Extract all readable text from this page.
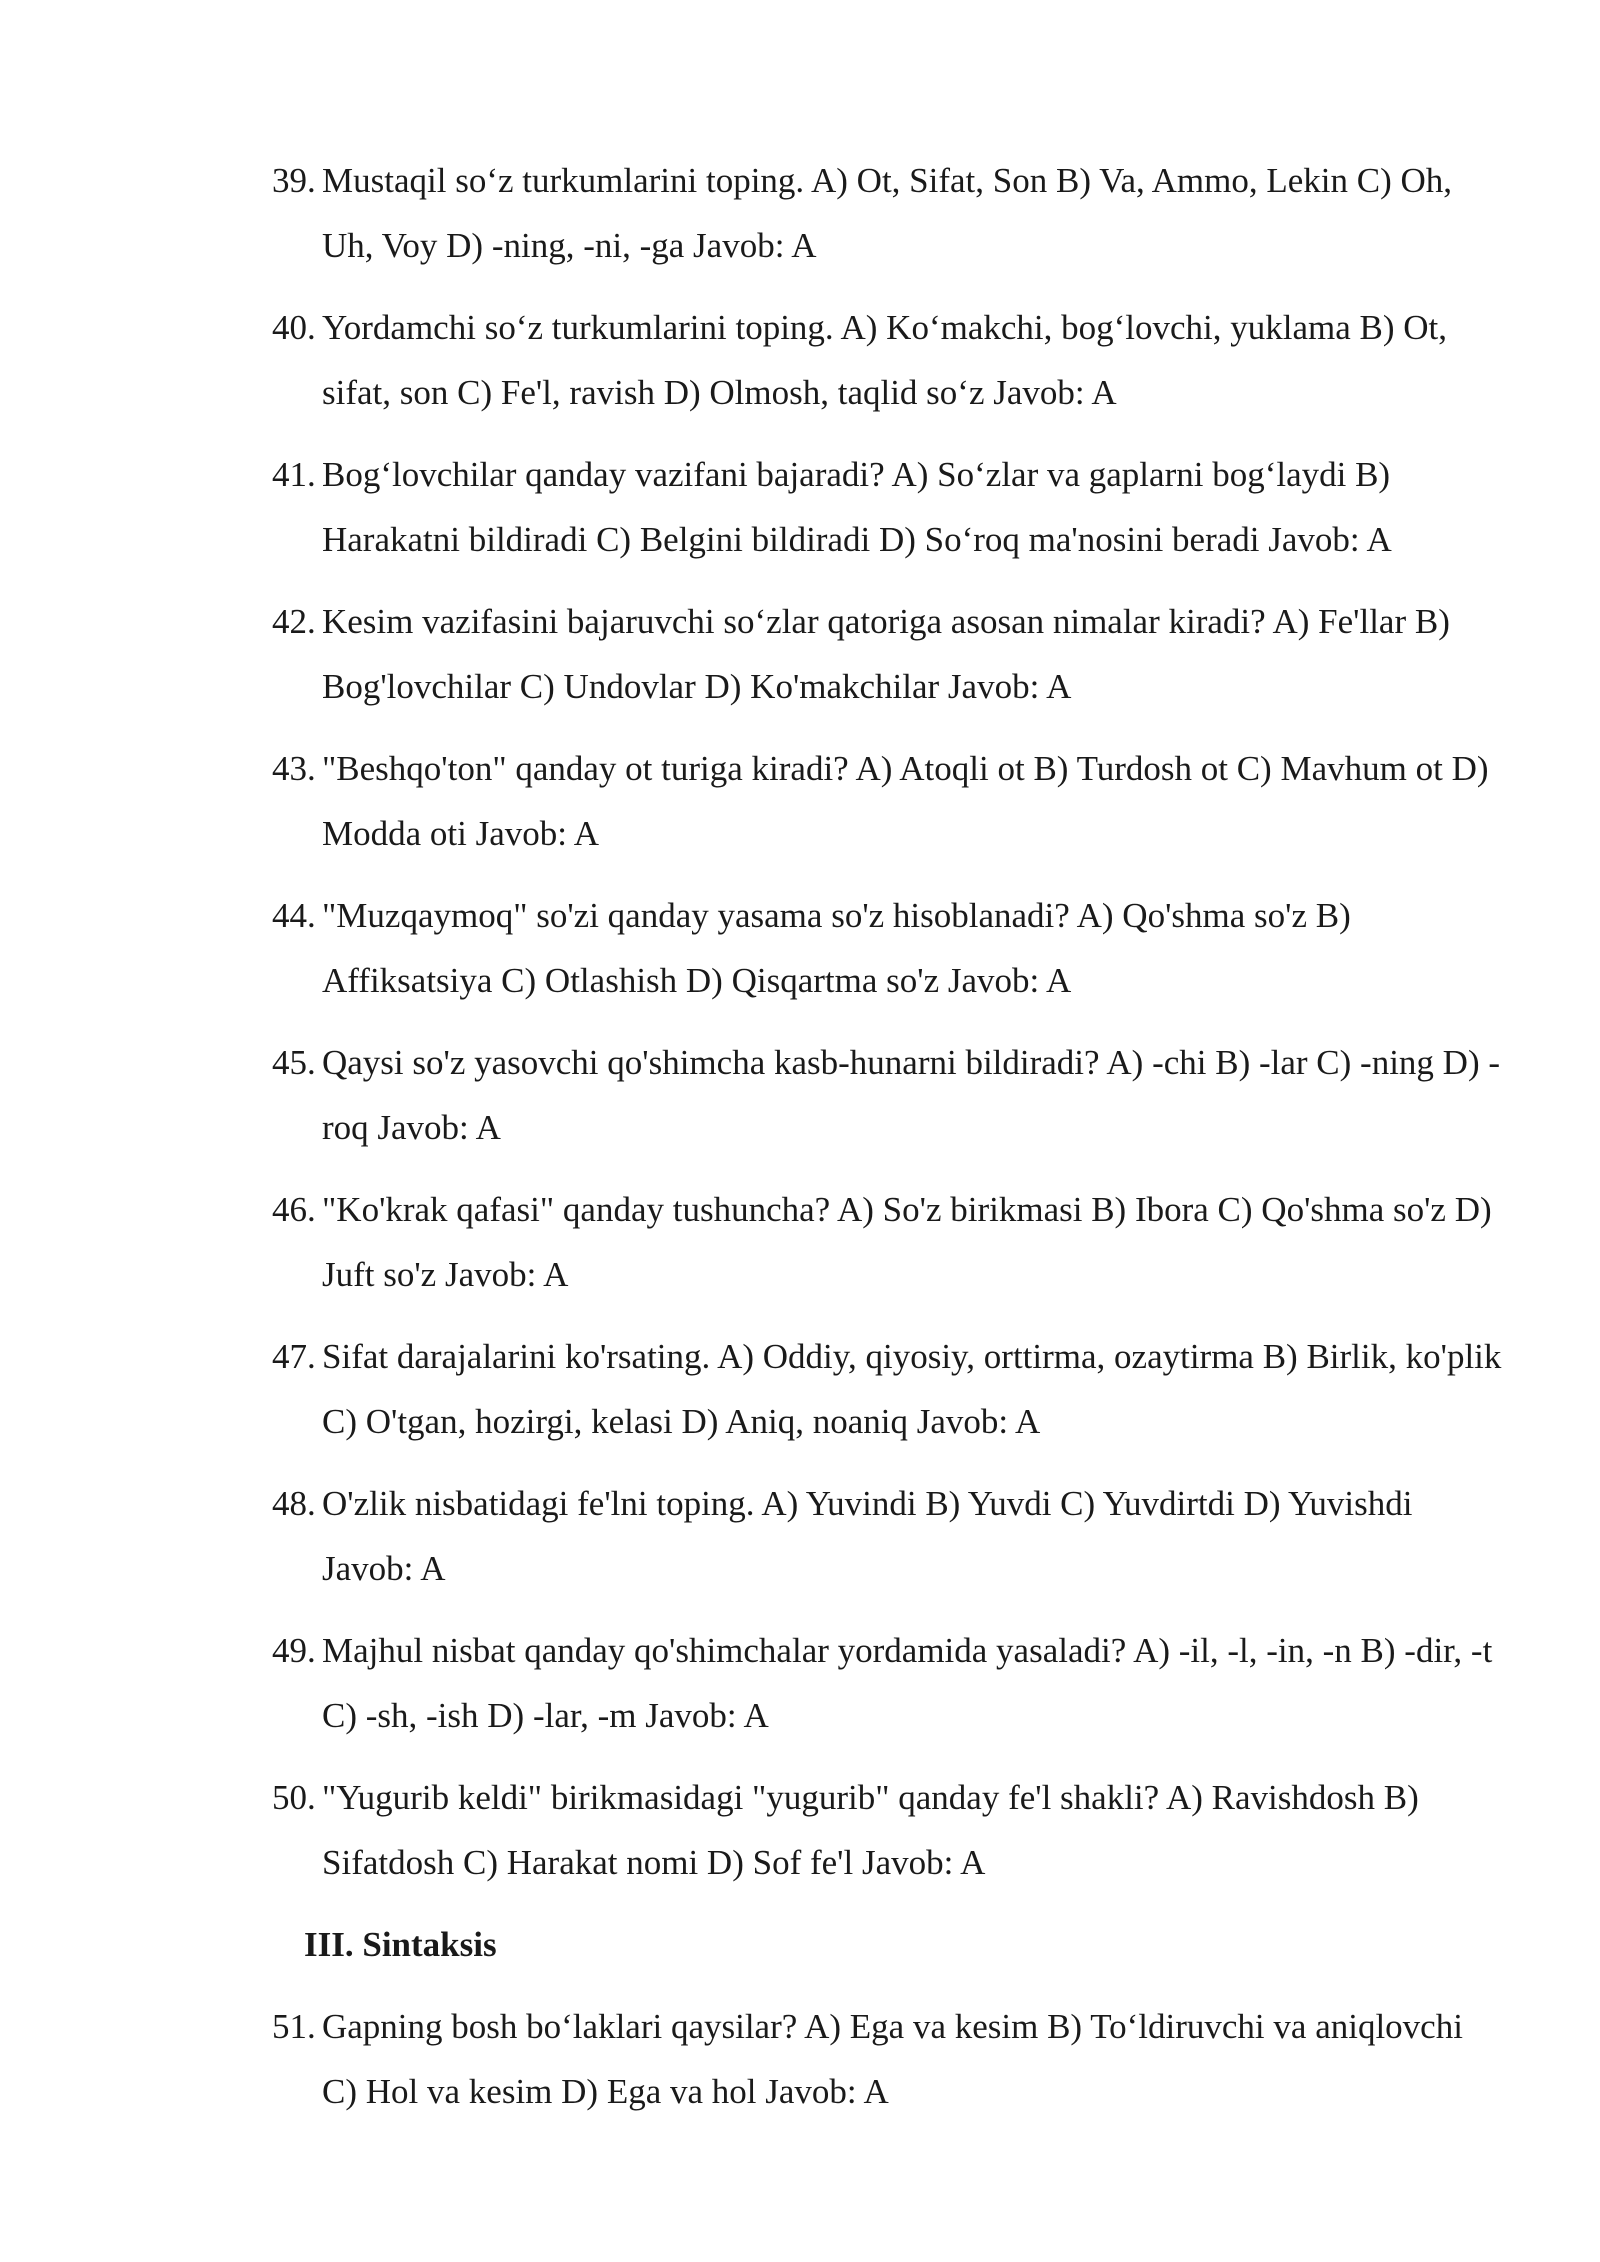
39. Mustaqil so‘z turkumlarini toping. A) Ot, Sifat, Son B) Va, Ammo, Lekin C) Oh, Uh, Voy D) -ning, -ni, -ga Javob: A
40. Yordamchi so‘z turkumlarini toping. A) Ko‘makchi, bog‘lovchi, yuklama B) Ot, sifat, son C) Fe'l, ravish D) Olmosh, taqlid so‘z Javob: A
41. Bog‘lovchilar qanday vazifani bajaradi? A) So‘zlar va gaplarni bog‘laydi B) Harakatni bildiradi C) Belgini bildiradi D) So‘roq ma'nosini beradi Javob: A
42. Kesim vazifasini bajaruvchi so‘zlar qatoriga asosan nimalar kiradi? A) Fe'llar B) Bog'lovchilar C) Undovlar D) Ko'makchilar Javob: A
43. "Beshqo'ton" qanday ot turiga kiradi? A) Atoqli ot B) Turdosh ot C) Mavhum ot D) Modda oti Javob: A
44. "Muzqaymoq" so'zi qanday yasama so'z hisoblanadi? A) Qo'shma so'z B) Affiksatsiya C) Otlashish D) Qisqartma so'z Javob: A
45. Qaysi so'z yasovchi qo'shimcha kasb-hunarni bildiradi? A) -chi B) -lar C) -ning D) -roq Javob: A
46. "Ko'krak qafasi" qanday tushuncha? A) So'z birikmasi B) Ibora C) Qo'shma so'z D) Juft so'z Javob: A
47. Sifat darajalarini ko'rsating. A) Oddiy, qiyosiy, orttirma, ozaytirma B) Birlik, ko'plik C) O'tgan, hozirgi, kelasi D) Aniq, noaniq Javob: A
48. O'zlik nisbatidagi fe'lni toping. A) Yuvindi B) Yuvdi C) Yuvdirtdi D) Yuvishdi Javob: A
49. Majhul nisbat qanday qo'shimchalar yordamida yasaladi? A) -il, -l, -in, -n B) -dir, -t C) -sh, -ish D) -lar, -m Javob: A
50. "Yugurib keldi" birikmasidagi "yugurib" qanday fe'l shakli? A) Ravishdosh B) Sifatdosh C) Harakat nomi D) Sof fe'l Javob: A
III. Sintaksis
51. Gapning bosh bo‘laklari qaysilar? A) Ega va kesim B) To‘ldiruvchi va aniqlovchi C) Hol va kesim D) Ega va hol Javob: A
